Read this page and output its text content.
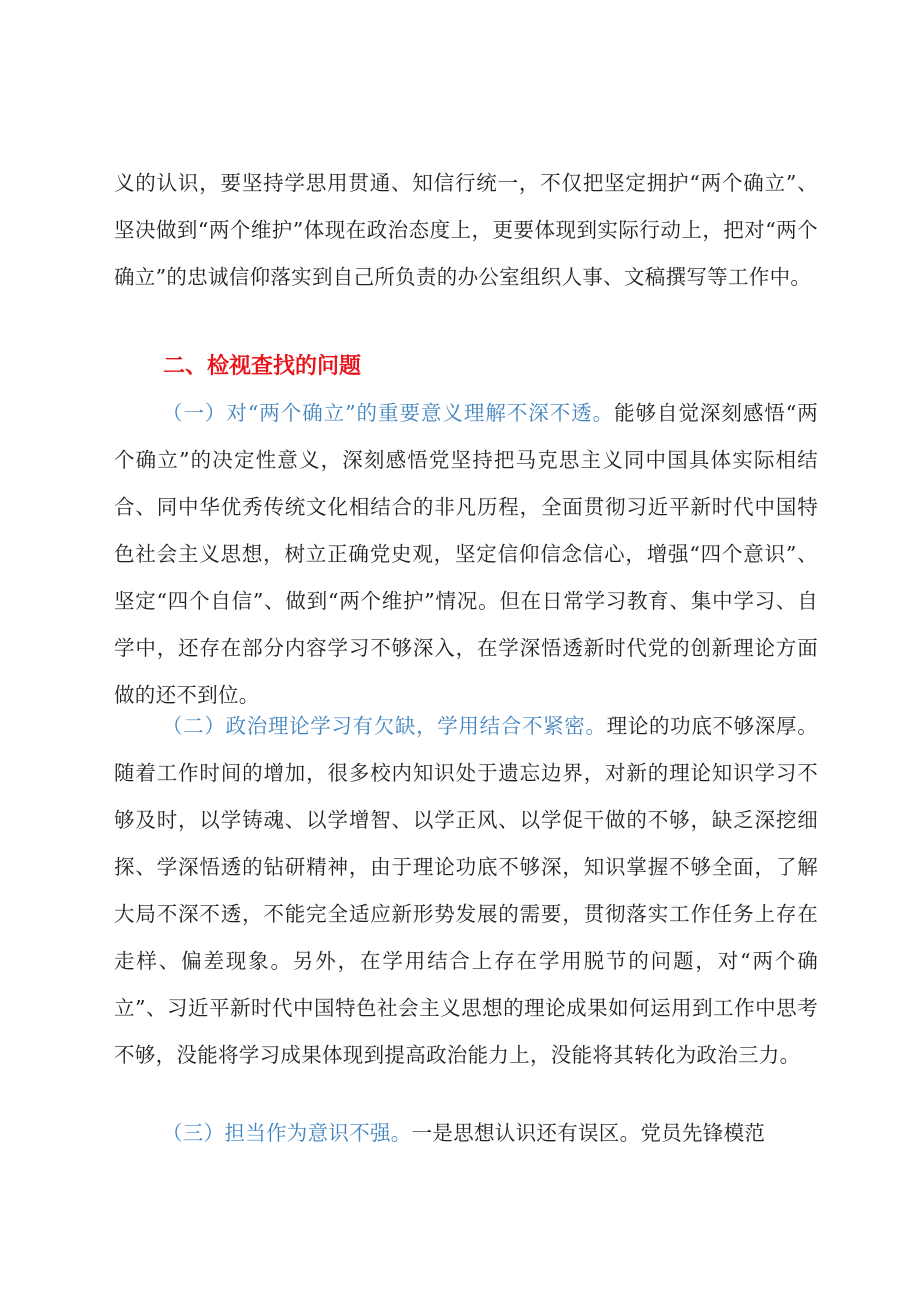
义的认识，要坚持学思用贯通、知信行统一，不仅把坚定拥护“两个确立”、坚决做到“两个维护”体现在政治态度上，更要体现到实际行动上，把对“两个确立”的忠诚信仰落实到自己所负责的办公室组织人事、文稿撰写等工作中。

二、检视查找的问题

（一）对“两个确立”的重要意义理解不深不透。能够自觉深刻感悟“两个确立”的决定性意义，深刻感悟党坚持把马克思主义同中国具体实际相结合、同中华优秀传统文化相结合的非凡历程，全面贯彻习近平新时代中国特色社会主义思想，树立正确党史观，坚定信仰信念信心，增强“四个意识”、坚定“四个自信”、做到“两个维护”情况。但在日常学习教育、集中学习、自学中，还存在部分内容学习不够深入，在学深悟透新时代党的创新理论方面做的还不到位。

（二）政治理论学习有欠缺，学用结合不紧密。理论的功底不够深厚。随着工作时间的增加，很多校内知识处于遗忘边界，对新的理论知识学习不够及时，以学铸魂、以学增智、以学正风、以学促干做的不够，缺乏深挖细探、学深悟透的钻研精神，由于理论功底不够深，知识掌握不够全面，了解大局不深不透，不能完全适应新形势发展的需要，贯彻落实工作任务上存在走样、偏差现象。另外，在学用结合上存在学用脱节的问题，对“两个确立”、习近平新时代中国特色社会主义思想的理论成果如何运用到工作中思考不够，没能将学习成果体现到提高政治能力上，没能将其转化为政治三力。

（三）担当作为意识不强。一是思想认识还有误区。党员先锋模范
